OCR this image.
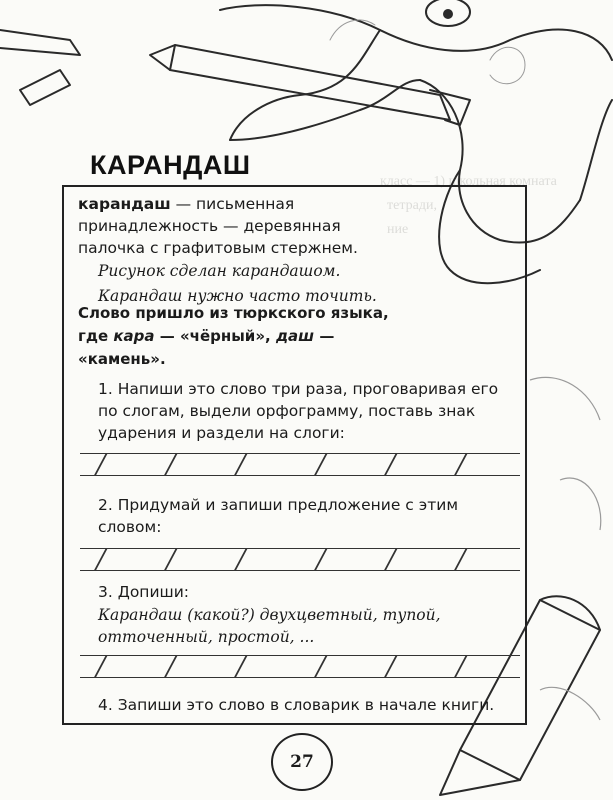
класс — 1) школьная комната
тетради,
ние

КАРАНДАШ
карандаш — письменная принадлежность — деревянная палочка с графитовым стержнем.
Рисунок сделан карандашом.
Карандаш нужно часто точить.
Слово пришло из тюркского языка, где кара — «чёрный», даш — «камень».
1. Напиши это слово три раза, проговаривая его по слогам, выдели орфограмму, поставь знак ударения и раздели на слоги:
2. Придумай и запиши предложение с этим словом:
3. Допиши:
Карандаш (какой?) двухцветный, тупой, отточенный, простой, ...
4. Запиши это слово в словарик в начале книги.
27
